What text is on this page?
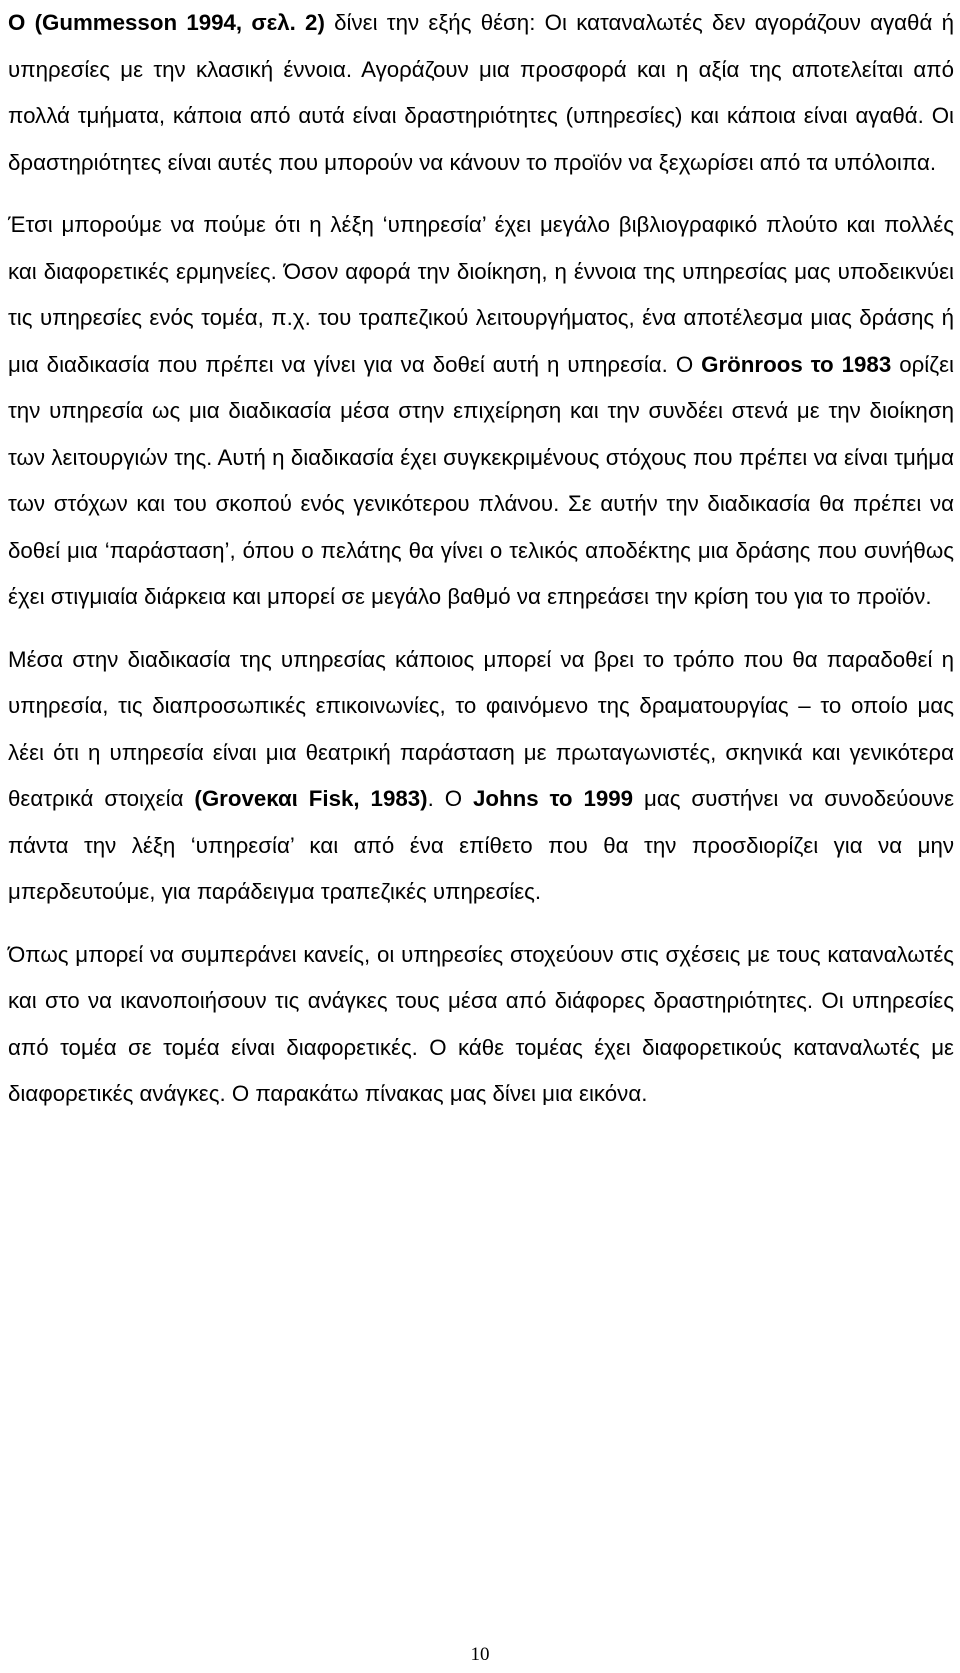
Ο (Gummesson 1994, σελ. 2) δίνει την εξής θέση: Οι καταναλωτές δεν αγοράζουν αγαθά ή υπηρεσίες με την κλασική έννοια. Αγοράζουν μια προσφορά και η αξία της αποτελείται από πολλά τμήματα, κάποια από αυτά είναι δραστηριότητες (υπηρεσίες) και κάποια είναι αγαθά. Οι δραστηριότητες είναι αυτές που μπορούν να κάνουν το προϊόν να ξεχωρίσει από τα υπόλοιπα.

Έτσι μπορούμε να πούμε ότι η λέξη ‘υπηρεσία’ έχει μεγάλο βιβλιογραφικό πλούτο και πολλές και διαφορετικές ερμηνείες. Όσον αφορά την διοίκηση, η έννοια της υπηρεσίας μας υποδεικνύει τις υπηρεσίες ενός τομέα, π.χ. του τραπεζικού λειτουργήματος, ένα αποτέλεσμα μιας δράσης ή μια διαδικασία που πρέπει να γίνει για να δοθεί αυτή η υπηρεσία. Ο Grönroos το 1983 ορίζει την υπηρεσία ως μια διαδικασία μέσα στην επιχείρηση και την συνδέει στενά με την διοίκηση των λειτουργιών της. Αυτή η διαδικασία έχει συγκεκριμένους στόχους που πρέπει να είναι τμήμα των στόχων και του σκοπού ενός γενικότερου πλάνου. Σε αυτήν την διαδικασία θα πρέπει να δοθεί μια ‘παράσταση’, όπου ο πελάτης θα γίνει ο τελικός αποδέκτης μια δράσης που συνήθως έχει στιγμιαία διάρκεια και μπορεί σε μεγάλο βαθμό να επηρεάσει την κρίση του για το προϊόν.

Μέσα στην διαδικασία της υπηρεσίας κάποιος μπορεί να βρει το τρόπο που θα παραδοθεί η υπηρεσία, τις διαπροσωπικές επικοινωνίες, το φαινόμενο της δραματουργίας – το οποίο μας λέει ότι η υπηρεσία είναι μια θεατρική παράσταση με πρωταγωνιστές, σκηνικά και γενικότερα θεατρικά στοιχεία (Groveκαι Fisk, 1983). Ο Johns το 1999 μας συστήνει να συνοδεύουνε πάντα την λέξη ‘υπηρεσία’ και από ένα επίθετο που θα την προσδιορίζει για να μην μπερδευτούμε, για παράδειγμα τραπεζικές υπηρεσίες.

Όπως μπορεί να συμπεράνει κανείς, οι υπηρεσίες στοχεύουν στις σχέσεις με τους καταναλωτές και στο να ικανοποιήσουν τις ανάγκες τους μέσα από διάφορες δραστηριότητες. Οι υπηρεσίες από τομέα σε τομέα είναι διαφορετικές. Ο κάθε τομέας έχει διαφορετικούς καταναλωτές με διαφορετικές ανάγκες. Ο παρακάτω πίνακας μας δίνει μια εικόνα.

10
